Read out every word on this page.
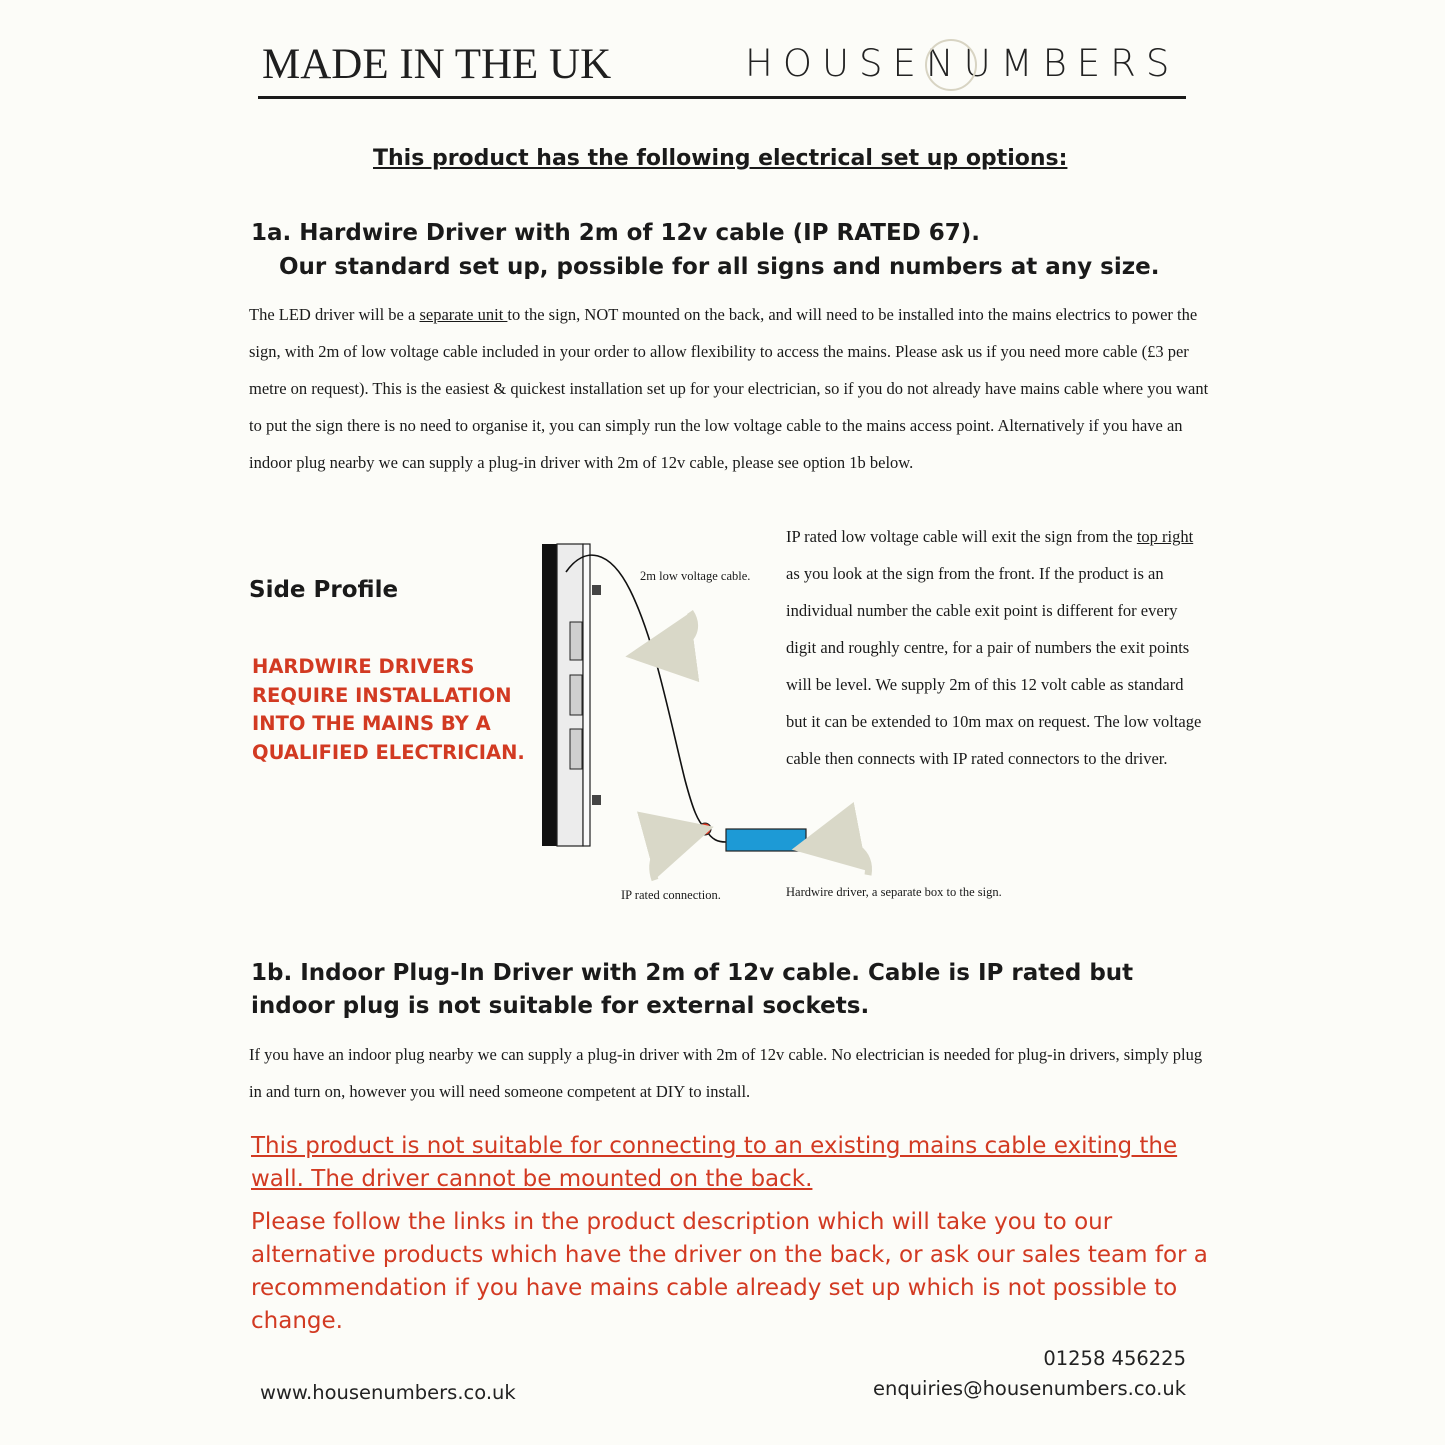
MADE IN THE UK	HOUSENUMBERS
This product has the following electrical set up options:
1a. Hardwire Driver with 2m of 12v cable (IP RATED 67).
Our standard set up, possible for all signs and numbers at any size.
The LED driver will be a separate unit to the sign, NOT mounted on the back, and will need to be installed into the mains electrics to power the sign, with 2m of low voltage cable included in your order to allow flexibility to access the mains. Please ask us if you need more cable (£3 per metre on request). This is the easiest & quickest installation set up for your electrician, so if you do not already have mains cable where you want to put the sign there is no need to organise it, you can simply run the low voltage cable to the mains access point. Alternatively if you have an indoor plug nearby we can supply a plug-in driver with 2m of 12v cable, please see option 1b below.
Side Profile
HARDWIRE DRIVERS
REQUIRE INSTALLATION
INTO THE MAINS BY A
QUALIFIED ELECTRICIAN.
2m low voltage cable.
IP rated connection.	Hardwire driver, a separate box to the sign.
IP rated low voltage cable will exit the sign from the top right as you look at the sign from the front. If the product is an individual number the cable exit point is different for every digit and roughly centre, for a pair of numbers the exit points will be level. We supply 2m of this 12 volt cable as standard but it can be extended to 10m max on request. The low voltage cable then connects with IP rated connectors to the driver.
1b. Indoor Plug-In Driver with 2m of 12v cable. Cable is IP rated but indoor plug is not suitable for external sockets.
If you have an indoor plug nearby we can supply a plug-in driver with 2m of 12v cable. No electrician is needed for plug-in drivers, simply plug in and turn on, however you will need someone competent at DIY to install.
This product is not suitable for connecting to an existing mains cable exiting the wall. The driver cannot be mounted on the back.
Please follow the links in the product description which will take you to our alternative products which have the driver on the back, or ask our sales team for a recommendation if you have mains cable already set up which is not possible to change.
01258 456225
www.housenumbers.co.uk	enquiries@housenumbers.co.uk
